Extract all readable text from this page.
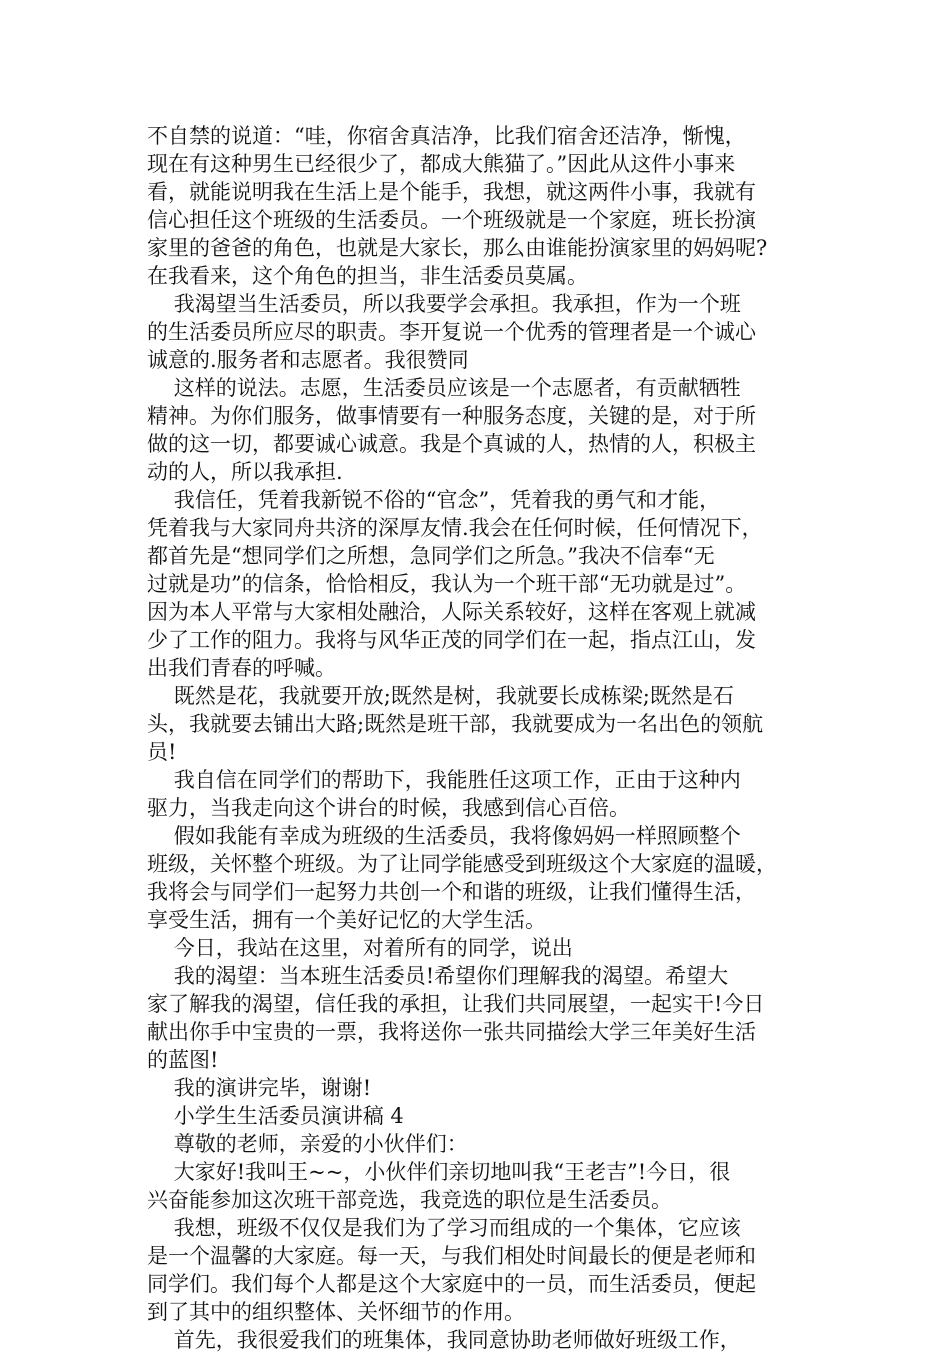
不自禁的说道：“哇，你宿舍真洁净，比我们宿舍还洁净，惭愧，
现在有这种男生已经很少了，都成大熊猫了。”因此从这件小事来
看，就能说明我在生活上是个能手，我想，就这两件小事，我就有
信心担任这个班级的生活委员。一个班级就是一个家庭，班长扮演
家里的爸爸的角色，也就是大家长，那么由谁能扮演家里的妈妈呢?
在我看来，这个角色的担当，非生活委员莫属。

我渴望当生活委员，所以我要学会承担。我承担，作为一个班
的生活委员所应尽的职责。李开复说一个优秀的管理者是一个诚心
诚意的.服务者和志愿者。我很赞同

这样的说法。志愿，生活委员应该是一个志愿者，有贡献牺牲
精神。为你们服务，做事情要有一种服务态度，关键的是，对于所
做的这一切，都要诚心诚意。我是个真诚的人，热情的人，积极主
动的人，所以我承担.

我信任，凭着我新锐不俗的“官念”，凭着我的勇气和才能，
凭着我与大家同舟共济的深厚友情.我会在任何时候，任何情况下，
都首先是“想同学们之所想，急同学们之所急。”我决不信奉“无
过就是功”的信条，恰恰相反，我认为一个班干部“无功就是过”。
因为本人平常与大家相处融洽，人际关系较好，这样在客观上就减
少了工作的阻力。我将与风华正茂的同学们在一起，指点江山，发
出我们青春的呼喊。

既然是花，我就要开放;既然是树，我就要长成栋梁;既然是石
头，我就要去铺出大路;既然是班干部，我就要成为一名出色的领航
员!

我自信在同学们的帮助下，我能胜任这项工作，正由于这种内
驱力，当我走向这个讲台的时候，我感到信心百倍。

假如我能有幸成为班级的生活委员，我将像妈妈一样照顾整个
班级，关怀整个班级。为了让同学能感受到班级这个大家庭的温暖，
我将会与同学们一起努力共创一个和谐的班级，让我们懂得生活，
享受生活，拥有一个美好记忆的大学生活。

今日，我站在这里，对着所有的同学，说出

我的渴望：当本班生活委员!希望你们理解我的渴望。希望大
家了解我的渴望，信任我的承担，让我们共同展望，一起实干!今日
献出你手中宝贵的一票，我将送你一张共同描绘大学三年美好生活
的蓝图!

我的演讲完毕，谢谢!

小学生生活委员演讲稿 4

尊敬的老师，亲爱的小伙伴们：

大家好!我叫王~~，小伙伴们亲切地叫我“王老吉”!今日，很
兴奋能参加这次班干部竞选，我竞选的职位是生活委员。

我想，班级不仅仅是我们为了学习而组成的一个集体，它应该
是一个温馨的大家庭。每一天，与我们相处时间最长的便是老师和
同学们。我们每个人都是这个大家庭中的一员，而生活委员，便起
到了其中的组织整体、关怀细节的作用。

首先，我很爱我们的班集体，我同意协助老师做好班级工作，
